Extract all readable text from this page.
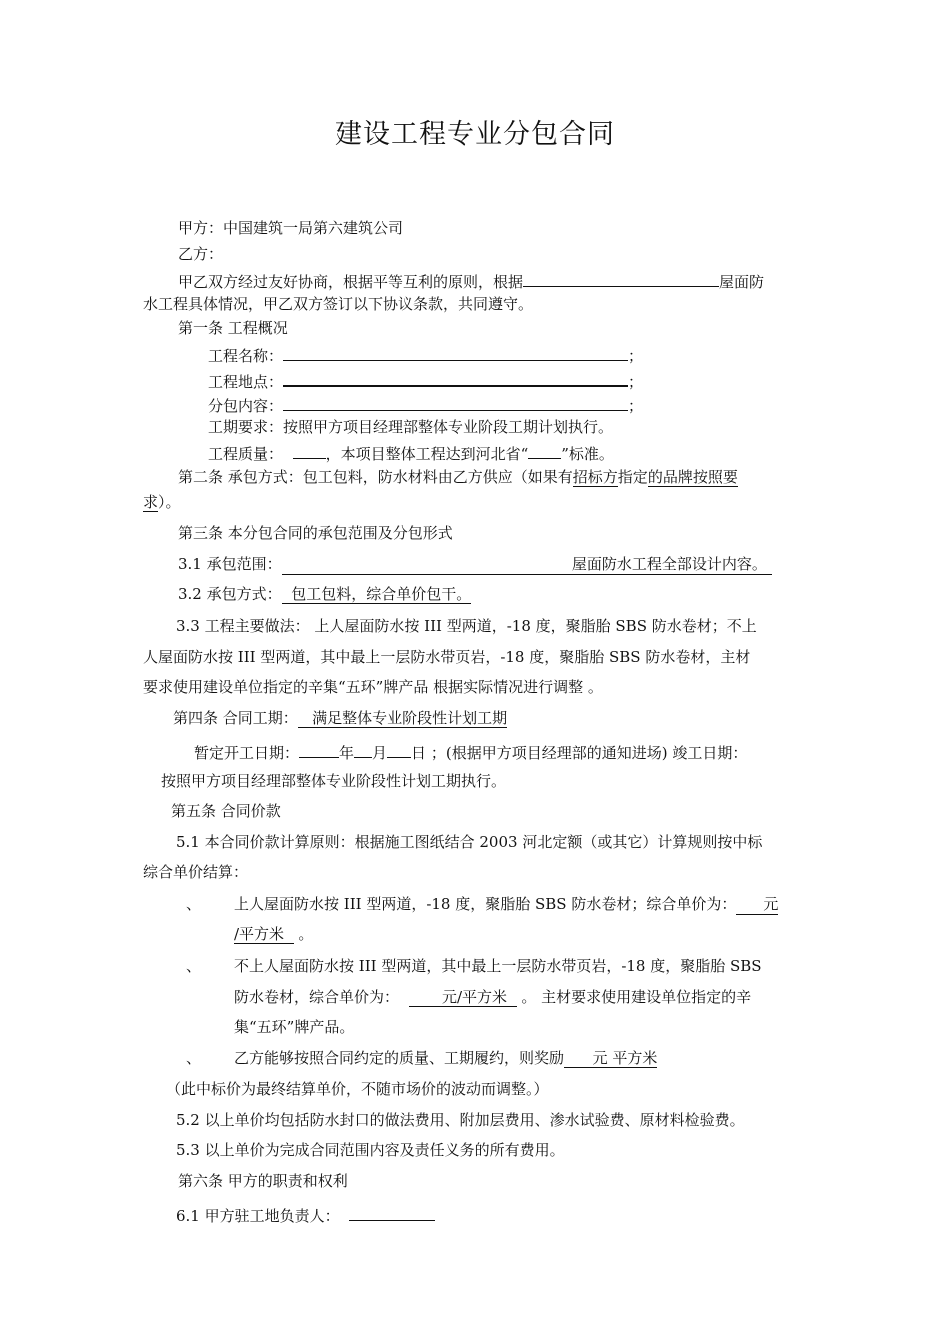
建设工程专业分包合同
甲方：中国建筑一局第六建筑公司
乙方：
甲乙双方经过友好协商，根据平等互利的原则，根据	屋面防
水工程具体情况，甲乙双方签订以下协议条款，共同遵守。
第一条 工程概况
工程名称：	；
工程地点：	；
分包内容：	；
工期要求：按照甲方项目经理部整体专业阶段工期计划执行。
工程质量：	，本项目整体工程达到河北省“ ”标准。
第二条 承包方式：包工包料，防水材料由乙方供应（如果有招标方指定的品牌按照要
求）。
第三条 本分包合同的承包范围及分包形式
3.1 承包范围：	屋面防水工程全部设计内容。
3.2 承包方式： 包工包料，综合单价包干。
3.3 工程主要做法： 上人屋面防水按 III 型两道，-18 度，聚脂胎 SBS 防水卷材；不上
人屋面防水按 III 型两道，其中最上一层防水带页岩，-18 度，聚脂胎 SBS 防水卷材，主材
要求使用建设单位指定的辛集“五环”牌产品 根据实际情况进行调整 。
第四条 合同工期： 满足整体专业阶段性计划工期
暂定开工日期：	年 月 日 ；(根据甲方项目经理部的通知进场) 竣工日期：
按照甲方项目经理部整体专业阶段性计划工期执行。
第五条 合同价款
5.1 本合同价款计算原则：根据施工图纸结合 2003 河北定额（或其它）计算规则按中标
综合单价结算：
、 上人屋面防水按 III 型两道，-18 度，聚脂胎 SBS 防水卷材；综合单价为： 元
/平方米 。
、 不上人屋面防水按 III 型两道，其中最上一层防水带页岩，-18 度，聚脂胎 SBS
防水卷材，综合单价为：	元/平方米 。 主材要求使用建设单位指定的辛
集“五环”牌产品。
、 乙方能够按照合同约定的质量、工期履约，则奖励 元 平方米
（此中标价为最终结算单价，不随市场价的波动而调整。）
5.2 以上单价均包括防水封口的做法费用、附加层费用、渗水试验费、原材料检验费。
5.3 以上单价为完成合同范围内容及责任义务的所有费用。
第六条 甲方的职责和权利
6.1 甲方驻工地负责人：
